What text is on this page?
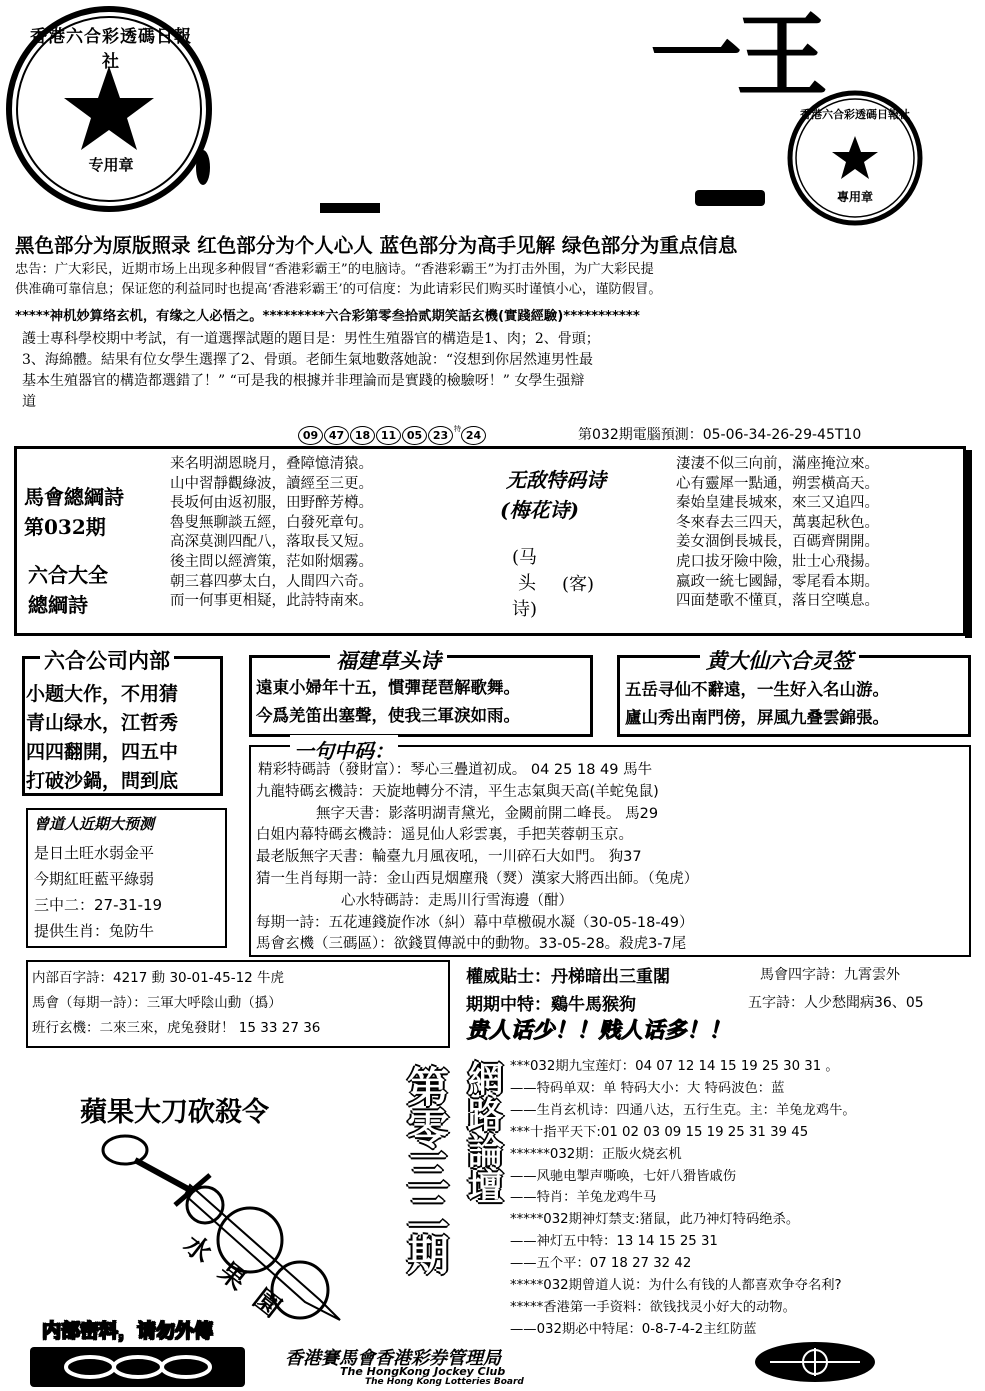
香港六合彩透碼日報社
专用章
一王
香港六合彩透碼日報社
專用章
黑色部分为原版照录 红色部分为个人心人 蓝色部分为高手见解 绿色部分为重点信息
忠告：广大彩民，近期市场上出现多种假冒“香港彩霸王”的电脑诗。“香港彩霸王”为打击外围，为广大彩民提
供准确可靠信息；保证您的利益同时也提高‘香港彩霸王’的可信度：为此请彩民们购买时谨慎小心，谨防假冒。
*****神机妙算络玄机，有缘之人必悟之。*********六合彩第零叁拾贰期笑話玄機(實踐經驗)***********
護士專科學校期中考試，有一道選擇試題的題目是：男性生殖器官的構造是1、肉；2、骨頭；
3、海綿體。結果有位女學生選擇了2、骨頭。老師生氣地數落她說：“沒想到你居然連男性最
基本生殖器官的構造都選錯了！” “可是我的根據并非理論而是實踐的檢驗呀！” 女學生强辯
道
09 47 18 11 05 23 $^特$ 24	第032期電腦預測：05-06-34-26-29-45T10
馬會總綱詩
第032期
六合大全
總綱詩
来名明湖恩晓月，叠障憶清猿。
山中習靜觀綠波，讀經至三更。
長坂何由返初服，田野醉芳樽。
魯叟無聊談五經，白發死章句。
高深莫測四配八，落取長又短。
後主問以經濟策，茫如附烟霧。
朝三暮四夢太白，人間四六奇。
而一何事更相疑，此詩特南來。
无敌特码诗
(梅花诗)
(马
头
诗)
(客)
淒淒不似三向前，滿座掩泣來。
心有靈犀一點通，朔雲橫高天。
秦始皇建長城來，來三又追四。
冬來春去三四天，萬裏起秋色。
姜女涸倒長城長，百碼齊開開。
虎口拔牙險中險，壯士心飛揚。
嬴政一統七國歸，零尾看本期。
四面楚歌不懂頁，落日空嘆息。
六合公司内部
小题大作，不用猜
青山绿水，江哲秀
四四翻開，四五中
打破沙鍋，問到底
福建草头诗
遠東小婦年十五，慣彈琵琶解歌舞。
今爲羌笛出塞聲，使我三軍淚如雨。
黄大仙六合灵签
五岳寻仙不辭遠，一生好入名山游。
廬山秀出南門傍，屏風九叠雲錦張。
一句中码：
精彩特碼詩（發財富）：琴心三疊道初成。 04 25 18 49 馬牛
九龍特碼玄機詩：天旋地轉分不清，平生志氣與天高(羊蛇兔鼠)
無字天書：影落明湖青黛光，金闕前開二峰長。 馬29
白姐内幕特碼玄機詩：遥見仙人彩雲裏，手把芙蓉朝玉京。
最老版無字天書：輪臺九月風夜吼，一川碎石大如門。 狗37
猜一生肖每期一詩：金山西見烟塵飛（燹）漢家大將西出師。（兔虎）
心水特碼詩：走馬川行雪海邊（酣）
每期一詩：五花連錢旋作冰（糾）幕中草檄硯水凝（30-05-18-49）
馬會玄機（三碼區）：欲錢買傳説中的動物。33-05-28。殺虎3-7尾
曾道人近期大预测
是日土旺水弱金平
今期紅旺藍平綠弱
三中二：27-31-19
提供生肖：兔防牛
内部百字詩：4217 動 30-01-45-12 牛虎
馬會（每期一詩）：三軍大呼陰山動（撝）
班行玄機：二來三來，虎兔發財！ 15 33 27 36
權威貼士：丹梯暗出三重閣	馬會四字詩：九霄雲外
期期中特：鷄牛馬猴狗	五字詩：人少愁聞病36、05
贵人话少！！贱人话多！！
蘋果大刀砍殺令
水果園
内部密料，请勿外傳
第零三二期 網路論壇 ***032期九宝莲灯：04 07 12 14 15 19 25 30 31 。
——特码单双：单 特码大小：大 特码波色：蓝
——生肖玄机诗：四通八达，五行生克。主：羊兔龙鸡牛。
***十指平天下:01 02 03 09 15 19 25 31 39 45
******032期：正版火烧玄机
——风驰电掣声嘶唤，七奸八猾皆戚伤
——特肖：羊兔龙鸡牛马
*****032期神灯禁支:猪鼠，此乃神灯特码绝杀。
——神灯五中特：13 14 15 25 31
——五个平：07 18 27 32 42
*****032期曾道人说：为什么有钱的人都喜欢争夺名利?
*****香港第一手资料：欲钱找灵小好大的动物。
——032期必中特尾：0-8-7-4-2主红防蓝
香港賽馬會香港彩券管理局
The HongKong Jockey Club
The Hong Kong Lotteries Board
